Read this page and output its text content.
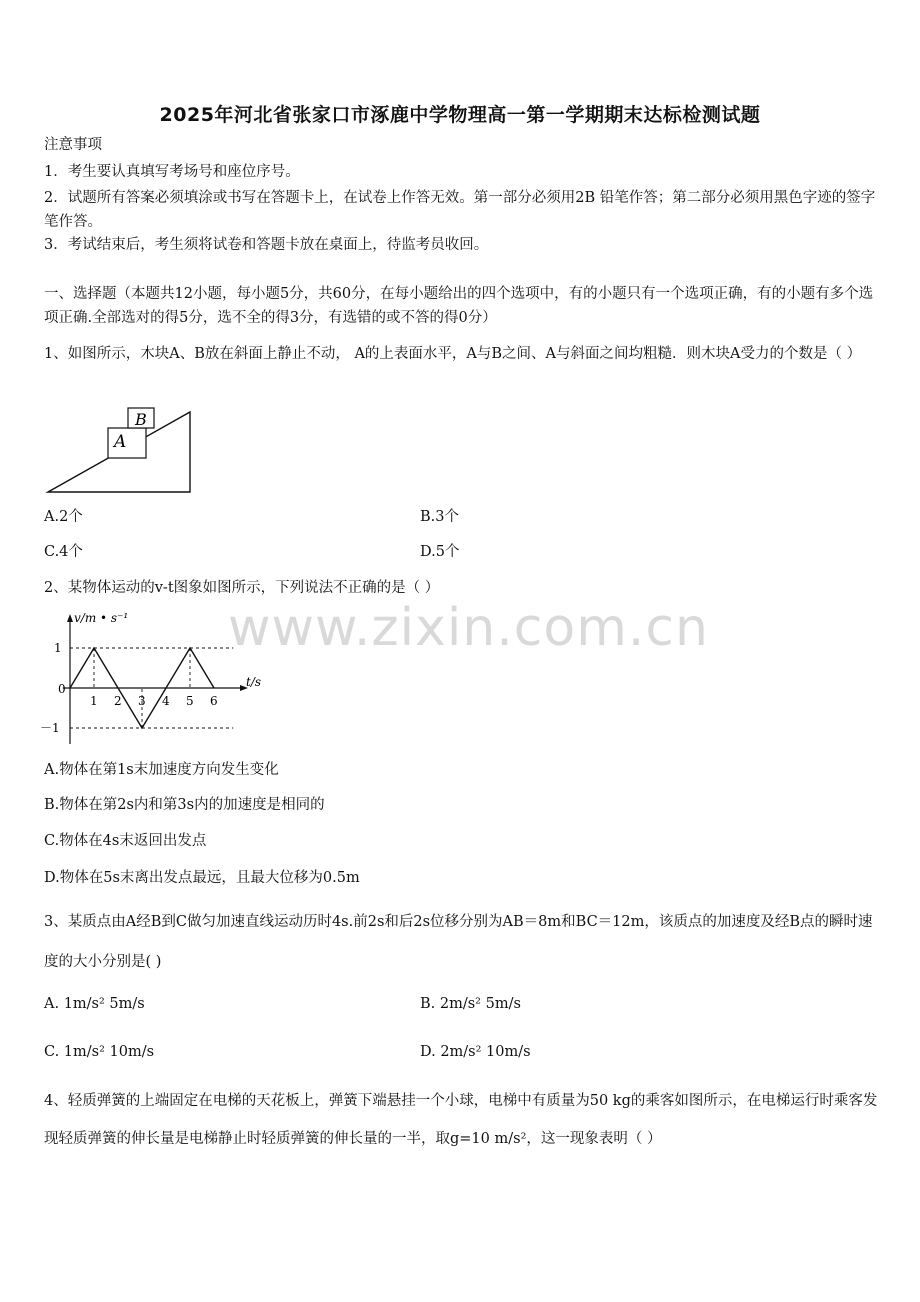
www.zixin.com.cn
2025年河北省张家口市涿鹿中学物理高一第一学期期末达标检测试题
注意事项
1．考生要认真填写考场号和座位序号。
2．试题所有答案必须填涂或书写在答题卡上，在试卷上作答无效。第一部分必须用2B 铅笔作答；第二部分必须用黑色字迹的签字笔作答。
3．考试结束后，考生须将试卷和答题卡放在桌面上，待监考员收回。
一、选择题（本题共12小题，每小题5分，共60分，在每小题给出的四个选项中，有的小题只有一个选项正确，有的小题有多个选项正确.全部选对的得5分，选不全的得3分，有选错的或不答的得0分）
1、如图所示，木块A、B放在斜面上静止不动， A的上表面水平，A与B之间、A与斜面之间均粗糙．则木块A受力的个数是（ ）
A
B
A.2个	B.3个
C.4个	D.5个
2、某物体运动的v-t图象如图所示，下列说法不正确的是（ ）
0
1 2 3 4 5 6
1
－1
v/m • s⁻¹
t/s
A.物体在第1s末加速度方向发生变化
B.物体在第2s内和第3s内的加速度是相同的
C.物体在4s末返回出发点
D.物体在5s末离出发点最远，且最大位移为0.5m
3、某质点由A经B到C做匀加速直线运动历时4s.前2s和后2s位移分别为AB＝8m和BC＝12m，该质点的加速度及经B点的瞬时速度的大小分别是( )
A. 1m/s² 5m/s	B. 2m/s² 5m/s
C. 1m/s² 10m/s	D. 2m/s² 10m/s
4、轻质弹簧的上端固定在电梯的天花板上，弹簧下端悬挂一个小球，电梯中有质量为50 kg的乘客如图所示，在电梯运行时乘客发现轻质弹簧的伸长量是电梯静止时轻质弹簧的伸长量的一半，取g=10 m/s²，这一现象表明（ ）
